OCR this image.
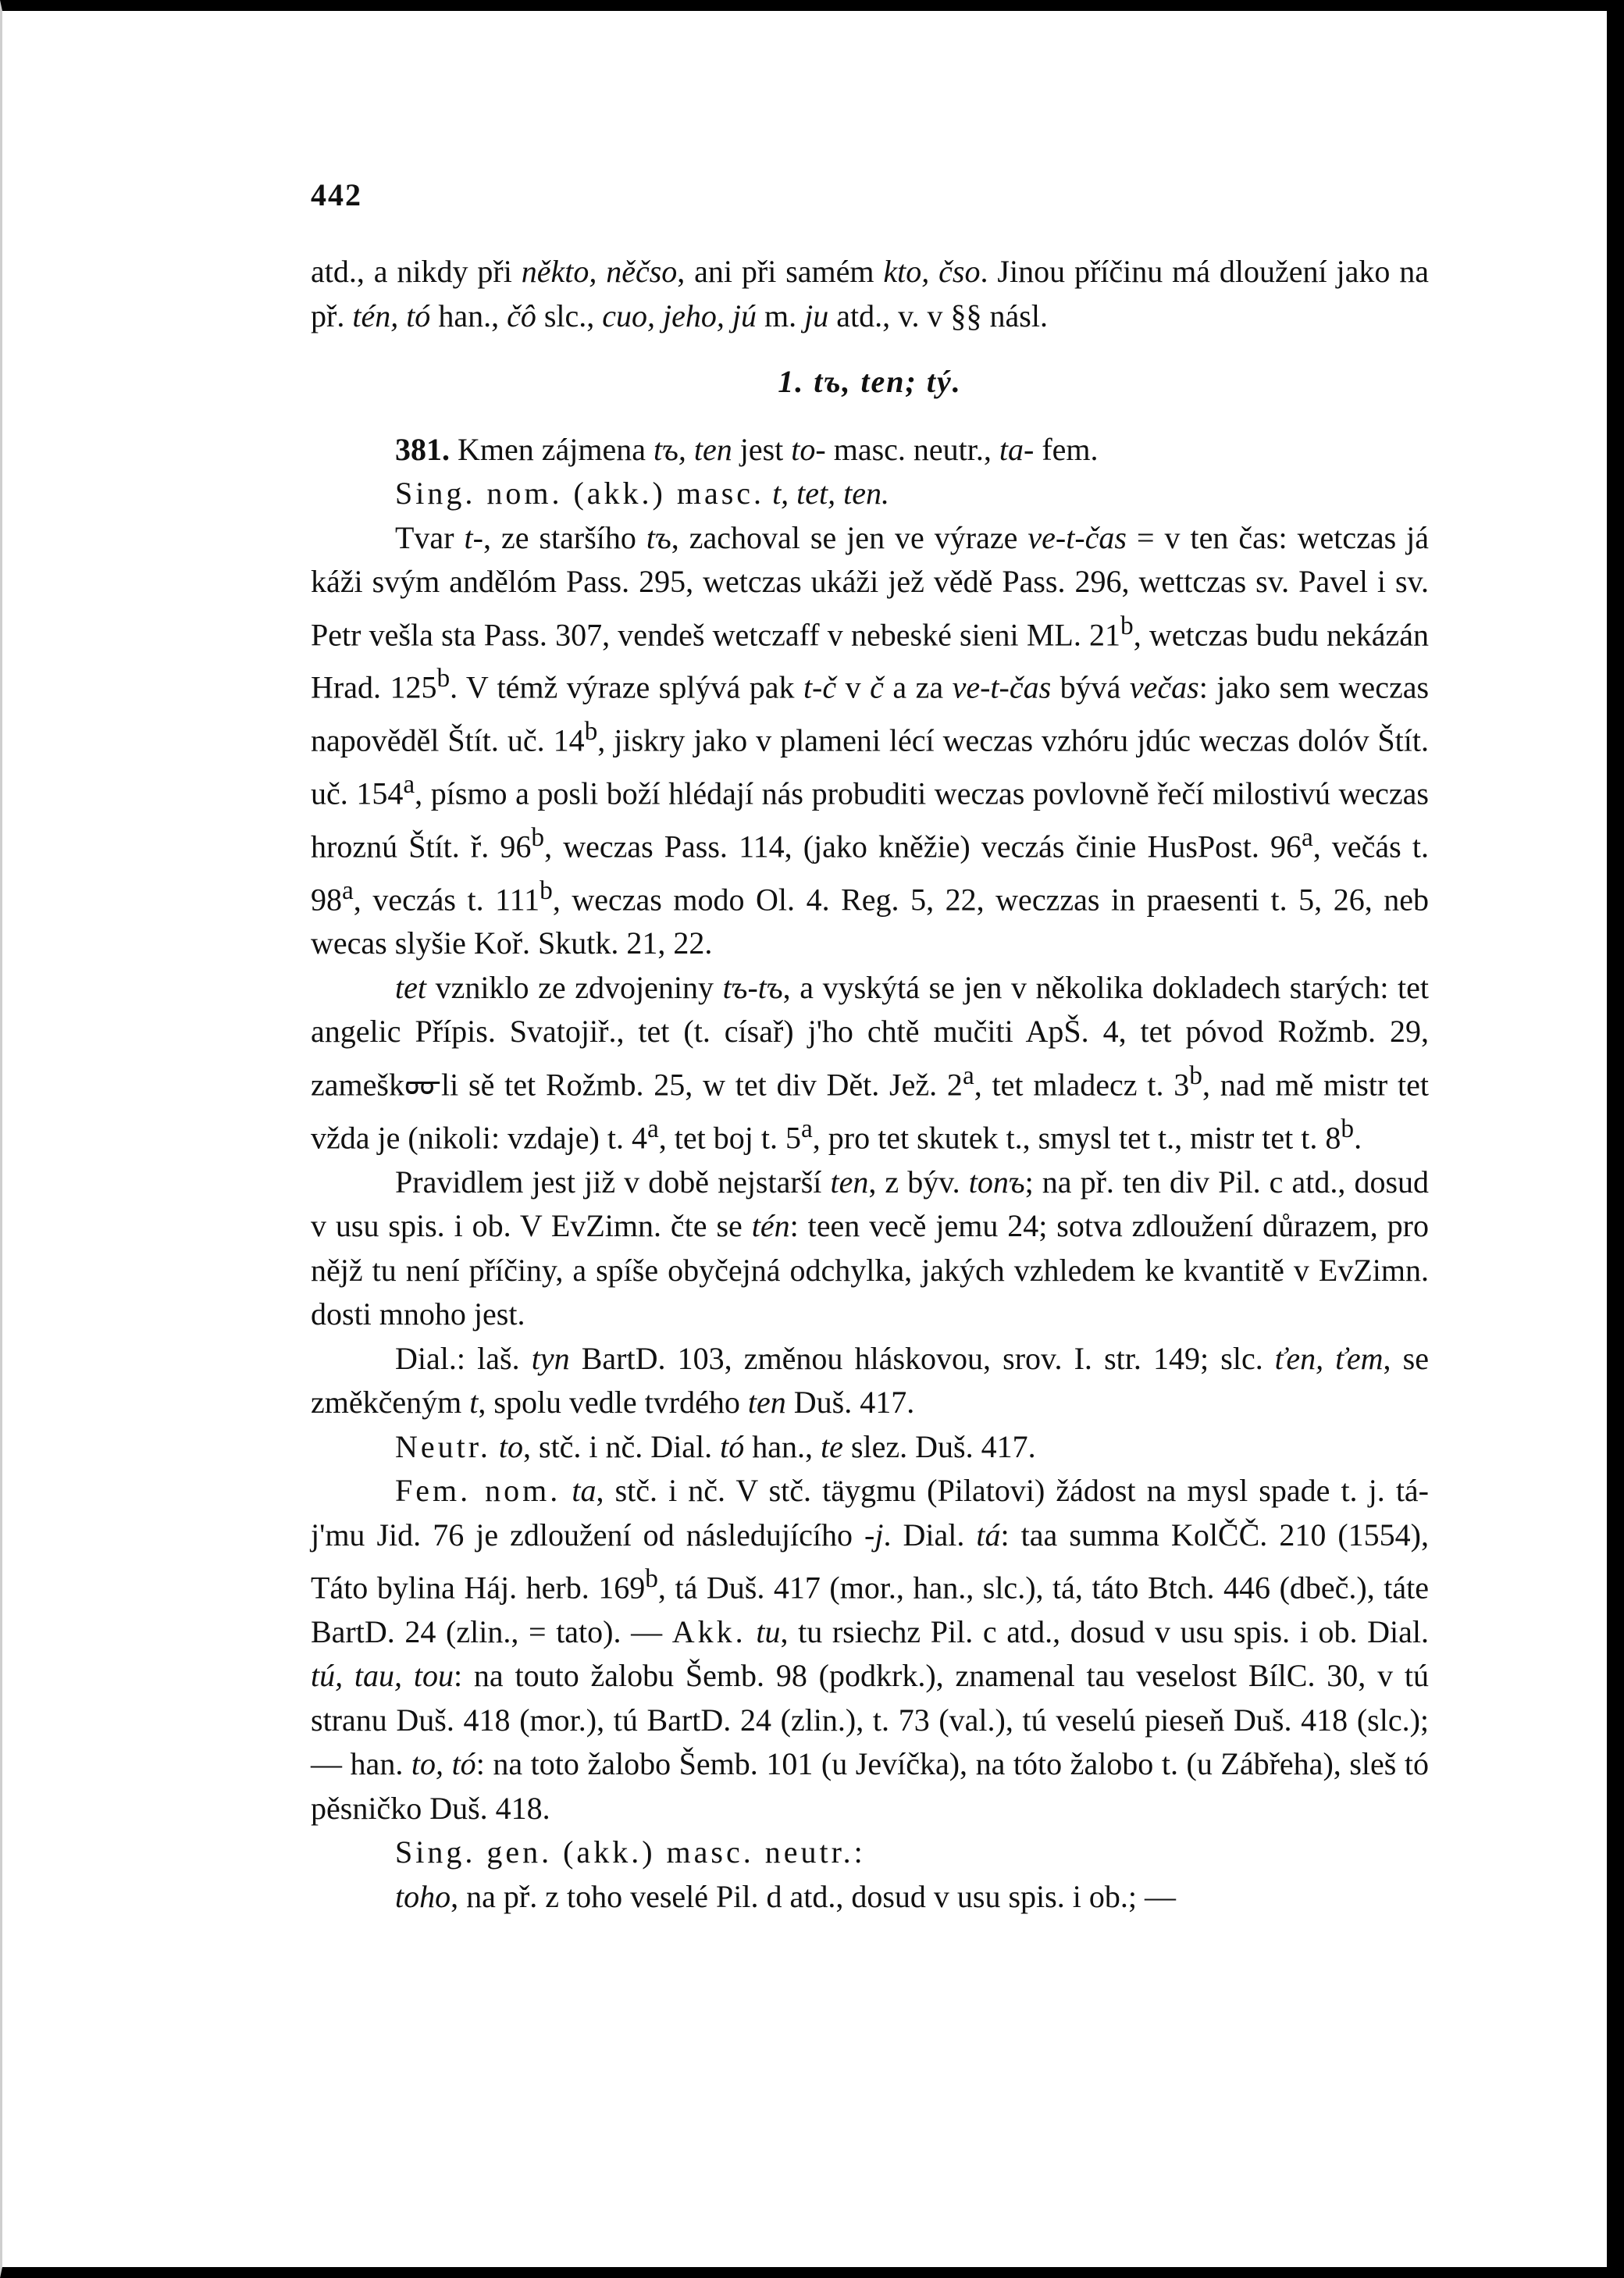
442

atd., a nikdy při někto, něčso, ani při samém kto, čso. Jinou příčinu má dloužení jako na př. tén, tó han., čô slc., cuo, jeho, jú m. ju atd., v. v §§ násl.

1. tъ, ten; tý.

381. Kmen zájmena tъ, ten jest to- masc. neutr., ta- fem.

Sing. nom. (akk.) masc. t, tet, ten.

Tvar t-, ze staršího tъ, zachoval se jen ve výraze ve-t-čas = v ten čas: wetczas já káži svým andělóm Pass. 295, wetczas ukáži jež vědě Pass. 296, wettczas sv. Pavel i sv. Petr vešla sta Pass. 307, vendeš wetczaff v nebeské sieni ML. 21$^b$, wetczas budu nekázán Hrad. 125$^b$. V témž výraze splývá pak t-č v č a za ve-t-čas bývá večas: jako sem weczas napověděl Štít. uč. 14$^b$, jiskry jako v plameni lécí weczas vzhóru jdúc weczas dolóv Štít. uč. 154$^a$, písmo a posli boží hlédají nás probuditi weczas povlovně řečí milostivú weczas hroznú Štít. ř. 96$^b$, weczas Pass. 114, (jako kněžie) veczás činie HusPost. 96$^a$, večás t. 98$^a$, veczás t. 111$^b$, weczas modo Ol. 4. Reg. 5, 22, weczzas in praesenti t. 5, 26, neb wecas slyšie Koř. Skutk. 21, 22.

tet vzniklo ze zdvojeniny tъ-tъ, a vyskýtá se jen v několika dokladech starých: tet angelic Přípis. Svatojiř., tet (t. císař) j'ho chtě mučiti ApŠ. 4, tet póvod Rožmb. 29, zameškᡂli sě tet Rožmb. 25, w tet div Dět. Jež. 2$^a$, tet mladecz t. 3$^b$, nad mě mistr tet vžda je (nikoli: vzdaje) t. 4$^a$, tet boj t. 5$^a$, pro tet skutek t., smysl tet t., mistr tet t. 8$^b$.

Pravidlem jest již v době nejstarší ten, z býv. tonъ; na př. ten div Pil. c atd., dosud v usu spis. i ob. V EvZimn. čte se tén: teen vecě jemu 24; sotva zdloužení důrazem, pro nějž tu není příčiny, a spíše obyčejná odchylka, jakých vzhledem ke kvantitě v EvZimn. dosti mnoho jest.

Dial.: laš. tyn BartD. 103, změnou hláskovou, srov. I. str. 149; slc. ťen, ťem, se změkčeným t, spolu vedle tvrdého ten Duš. 417.

Neutr. to, stč. i nč. Dial. tó han., te slez. Duš. 417.

Fem. nom. ta, stč. i nč. V stč. täygmu (Pilatovi) žádost na mysl spade t. j. tá-j'mu Jid. 76 je zdloužení od následujícího -j. Dial. tá: taa summa KolČČ. 210 (1554), Táto bylina Háj. herb. 169$^b$, tá Duš. 417 (mor., han., slc.), tá, táto Btch. 446 (dbeč.), táte BartD. 24 (zlin., = tato). — Akk. tu, tu rsiechz Pil. c atd., dosud v usu spis. i ob. Dial. tú, tau, tou: na touto žalobu Šemb. 98 (podkrk.), znamenal tau veselost BílC. 30, v tú stranu Duš. 418 (mor.), tú BartD. 24 (zlin.), t. 73 (val.), tú veselú pieseň Duš. 418 (slc.); — han. to, tó: na toto žalobo Šemb. 101 (u Jevíčka), na tóto žalobo t. (u Zábřeha), sleš tó pěsničko Duš. 418.

Sing. gen. (akk.) masc. neutr.:

toho, na př. z toho veselé Pil. d atd., dosud v usu spis. i ob.; —
